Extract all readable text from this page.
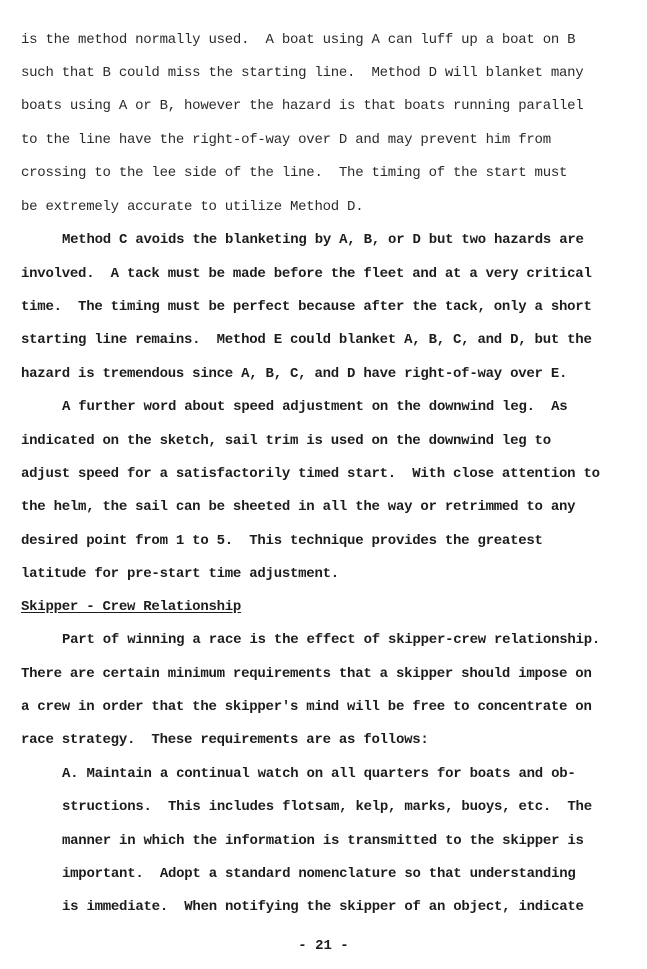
is the method normally used.  A boat using A can luff up a boat on B
such that B could miss the starting line.  Method D will blanket many
boats using A or B, however the hazard is that boats running parallel
to the line have the right-of-way over D and may prevent him from
crossing to the lee side of the line.  The timing of the start must
be extremely accurate to utilize Method D.
Method C avoids the blanketing by A, B, or D but two hazards are
involved.  A tack must be made before the fleet and at a very critical
time.  The timing must be perfect because after the tack, only a short
starting line remains.  Method E could blanket A, B, C, and D, but the
hazard is tremendous since A, B, C, and D have right-of-way over E.
A further word about speed adjustment on the downwind leg.  As
indicated on the sketch, sail trim is used on the downwind leg to
adjust speed for a satisfactorily timed start.  With close attention to
the helm, the sail can be sheeted in all the way or retrimmed to any
desired point from 1 to 5.  This technique provides the greatest
latitude for pre-start time adjustment.
Skipper - Crew Relationship
Part of winning a race is the effect of skipper-crew relationship.
There are certain minimum requirements that a skipper should impose on
a crew in order that the skipper's mind will be free to concentrate on
race strategy.  These requirements are as follows:
A. Maintain a continual watch on all quarters for boats and ob-
structions.  This includes flotsam, kelp, marks, buoys, etc.  The
manner in which the information is transmitted to the skipper is
important.  Adopt a standard nomenclature so that understanding
is immediate.  When notifying the skipper of an object, indicate
- 21 -
